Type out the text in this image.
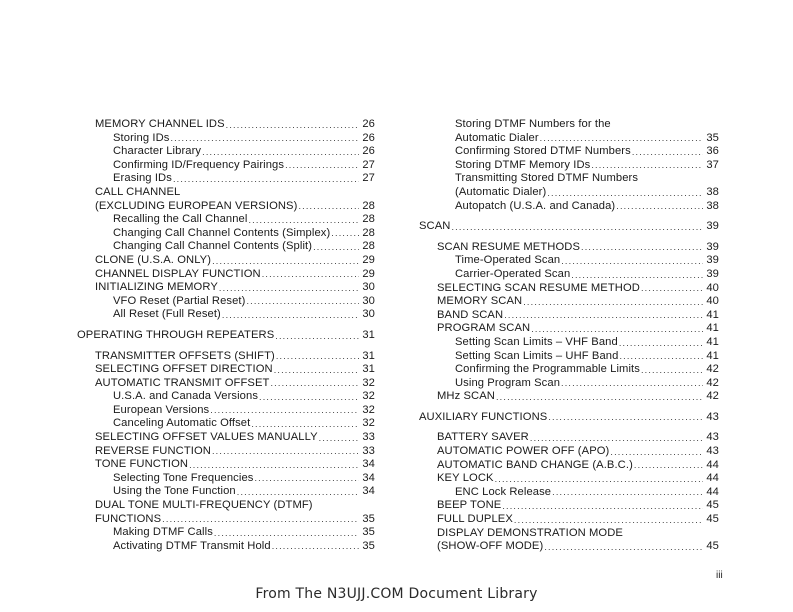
MEMORY CHANNEL IDS .....	26
Storing IDs .....	26
Character Library .....	26
Confirming ID/Frequency Pairings .....	27
Erasing IDs .....	27
CALL CHANNEL
(EXCLUDING EUROPEAN VERSIONS) .....	28
Recalling the Call Channel .....	28
Changing Call Channel Contents (Simplex) .....	28
Changing Call Channel Contents (Split) .....	28
CLONE (U.S.A. ONLY) .....	29
CHANNEL DISPLAY FUNCTION .....	29
INITIALIZING MEMORY .....	30
VFO Reset (Partial Reset) .....	30
All Reset (Full Reset) .....	30
OPERATING THROUGH REPEATERS .....	31
TRANSMITTER OFFSETS (SHIFT) .....	31
SELECTING OFFSET DIRECTION .....	31
AUTOMATIC TRANSMIT OFFSET .....	32
U.S.A. and Canada Versions .....	32
European Versions .....	32
Canceling Automatic Offset .....	32
SELECTING OFFSET VALUES MANUALLY .....	33
REVERSE FUNCTION .....	33
TONE FUNCTION .....	34
Selecting Tone Frequencies .....	34
Using the Tone Function .....	34
DUAL TONE MULTI-FREQUENCY (DTMF)
FUNCTIONS .....	35
Making DTMF Calls .....	35
Activating DTMF Transmit Hold .....	35
Storing DTMF Numbers for the
Automatic Dialer .....	35
Confirming Stored DTMF Numbers .....	36
Storing DTMF Memory IDs .....	37
Transmitting Stored DTMF Numbers
(Automatic Dialer) .....	38
Autopatch (U.S.A. and Canada) .....	38
SCAN .....	39
SCAN RESUME METHODS .....	39
Time-Operated Scan .....	39
Carrier-Operated Scan .....	39
SELECTING SCAN RESUME METHOD .....	40
MEMORY SCAN .....	40
BAND SCAN .....	41
PROGRAM SCAN .....	41
Setting Scan Limits – VHF Band .....	41
Setting Scan Limits – UHF Band .....	41
Confirming the Programmable Limits .....	42
Using Program Scan .....	42
MHz SCAN .....	42
AUXILIARY FUNCTIONS .....	43
BATTERY SAVER .....	43
AUTOMATIC POWER OFF (APO) .....	43
AUTOMATIC BAND CHANGE (A.B.C.) .....	44
KEY LOCK .....	44
ENC Lock Release .....	44
BEEP TONE .....	45
FULL DUPLEX .....	45
DISPLAY DEMONSTRATION MODE
(SHOW-OFF MODE) .....	45
iii
From The N3UJJ.COM Document Library
